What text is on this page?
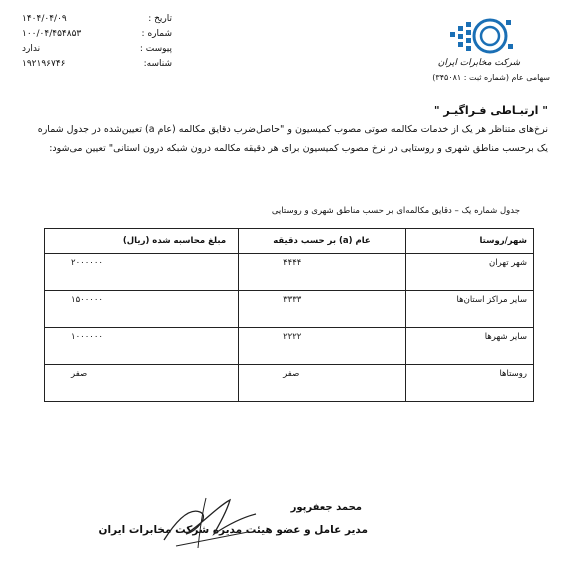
تاریخ :
۱۴۰۴/۰۴/۰۹
شماره :
۱۰۰/۰۴/۴۵۴۸۵۳
پیوست :
ندارد
شناسه:
۱۹۲۱۹۶۷۴۶	شرکت مخابرات ایران
سهامی عام (شماره ثبت : ۳۴۵۰۸۱)
" ارتبـاطی فـراگیـر "
نرخ‌های متناظر هر یک از خدمات مکالمه صوتی مصوب کمیسیون و "حاصل‌ضرب دقایق مکالمه (عام a) تعیین‌شده در جدول شماره یک برحسب مناطق شهری و روستایی در نرخ مصوب کمیسیون برای هر دقیقه مکالمه درون شبکه درون استانی" تعیین می‌شود:
جدول شماره یک – دقایق مکالمه‌ای بر حسب مناطق شهری و روستایی
شهر/روستا	عام (a) بر حسب دقیقه	مبلغ محاسبه شده (ریال)
شهر تهران	۴۴۴۴	۲۰۰۰۰۰۰
سایر مراکز استان‌ها	۳۳۳۳	۱۵۰۰۰۰۰
سایر شهرها	۲۲۲۲	۱۰۰۰۰۰۰
روستاها	صفر	صفر
محمد جعفرپور
مدیر عامل و عضو هیئت مدیره شرکت مخابرات ایران
